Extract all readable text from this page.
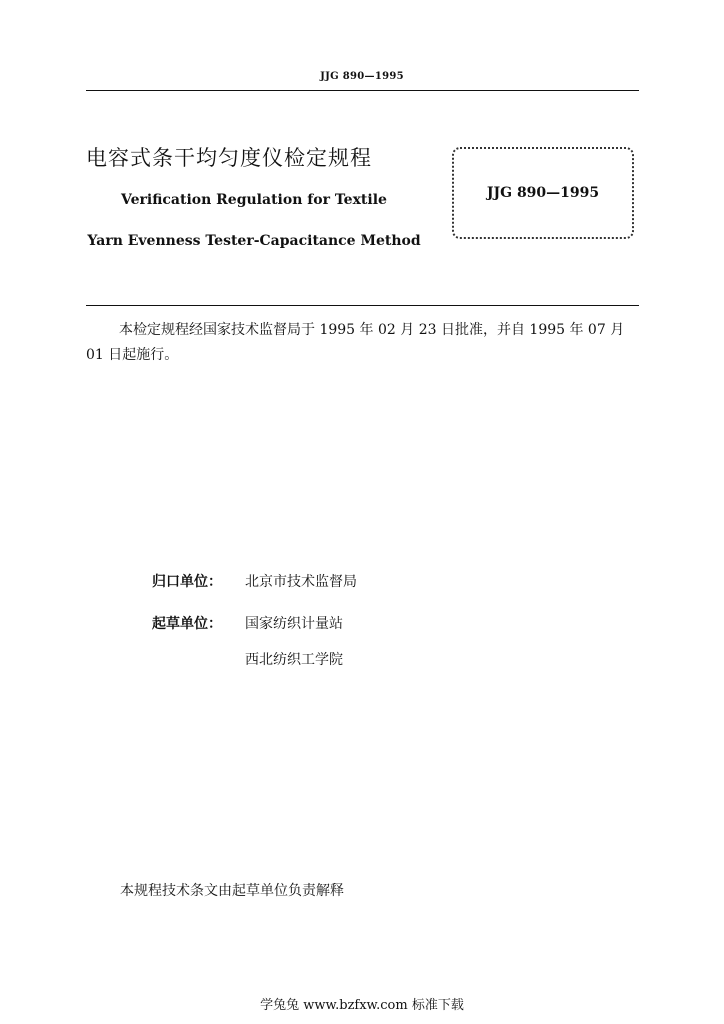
JJG 890—1995
电容式条干均匀度仪检定规程
Verification Regulation for Textile
Yarn Evenness Tester-Capacitance Method
JJG 890—1995
本检定规程经国家技术监督局于 1995 年 02 月 23 日批准，并自 1995 年 07 月 01 日起施行。
归口单位： 北京市技术监督局
起草单位： 国家纺织计量站
西北纺织工学院
本规程技术条文由起草单位负责解释
学兔兔 www.bzfxw.com 标准下载
